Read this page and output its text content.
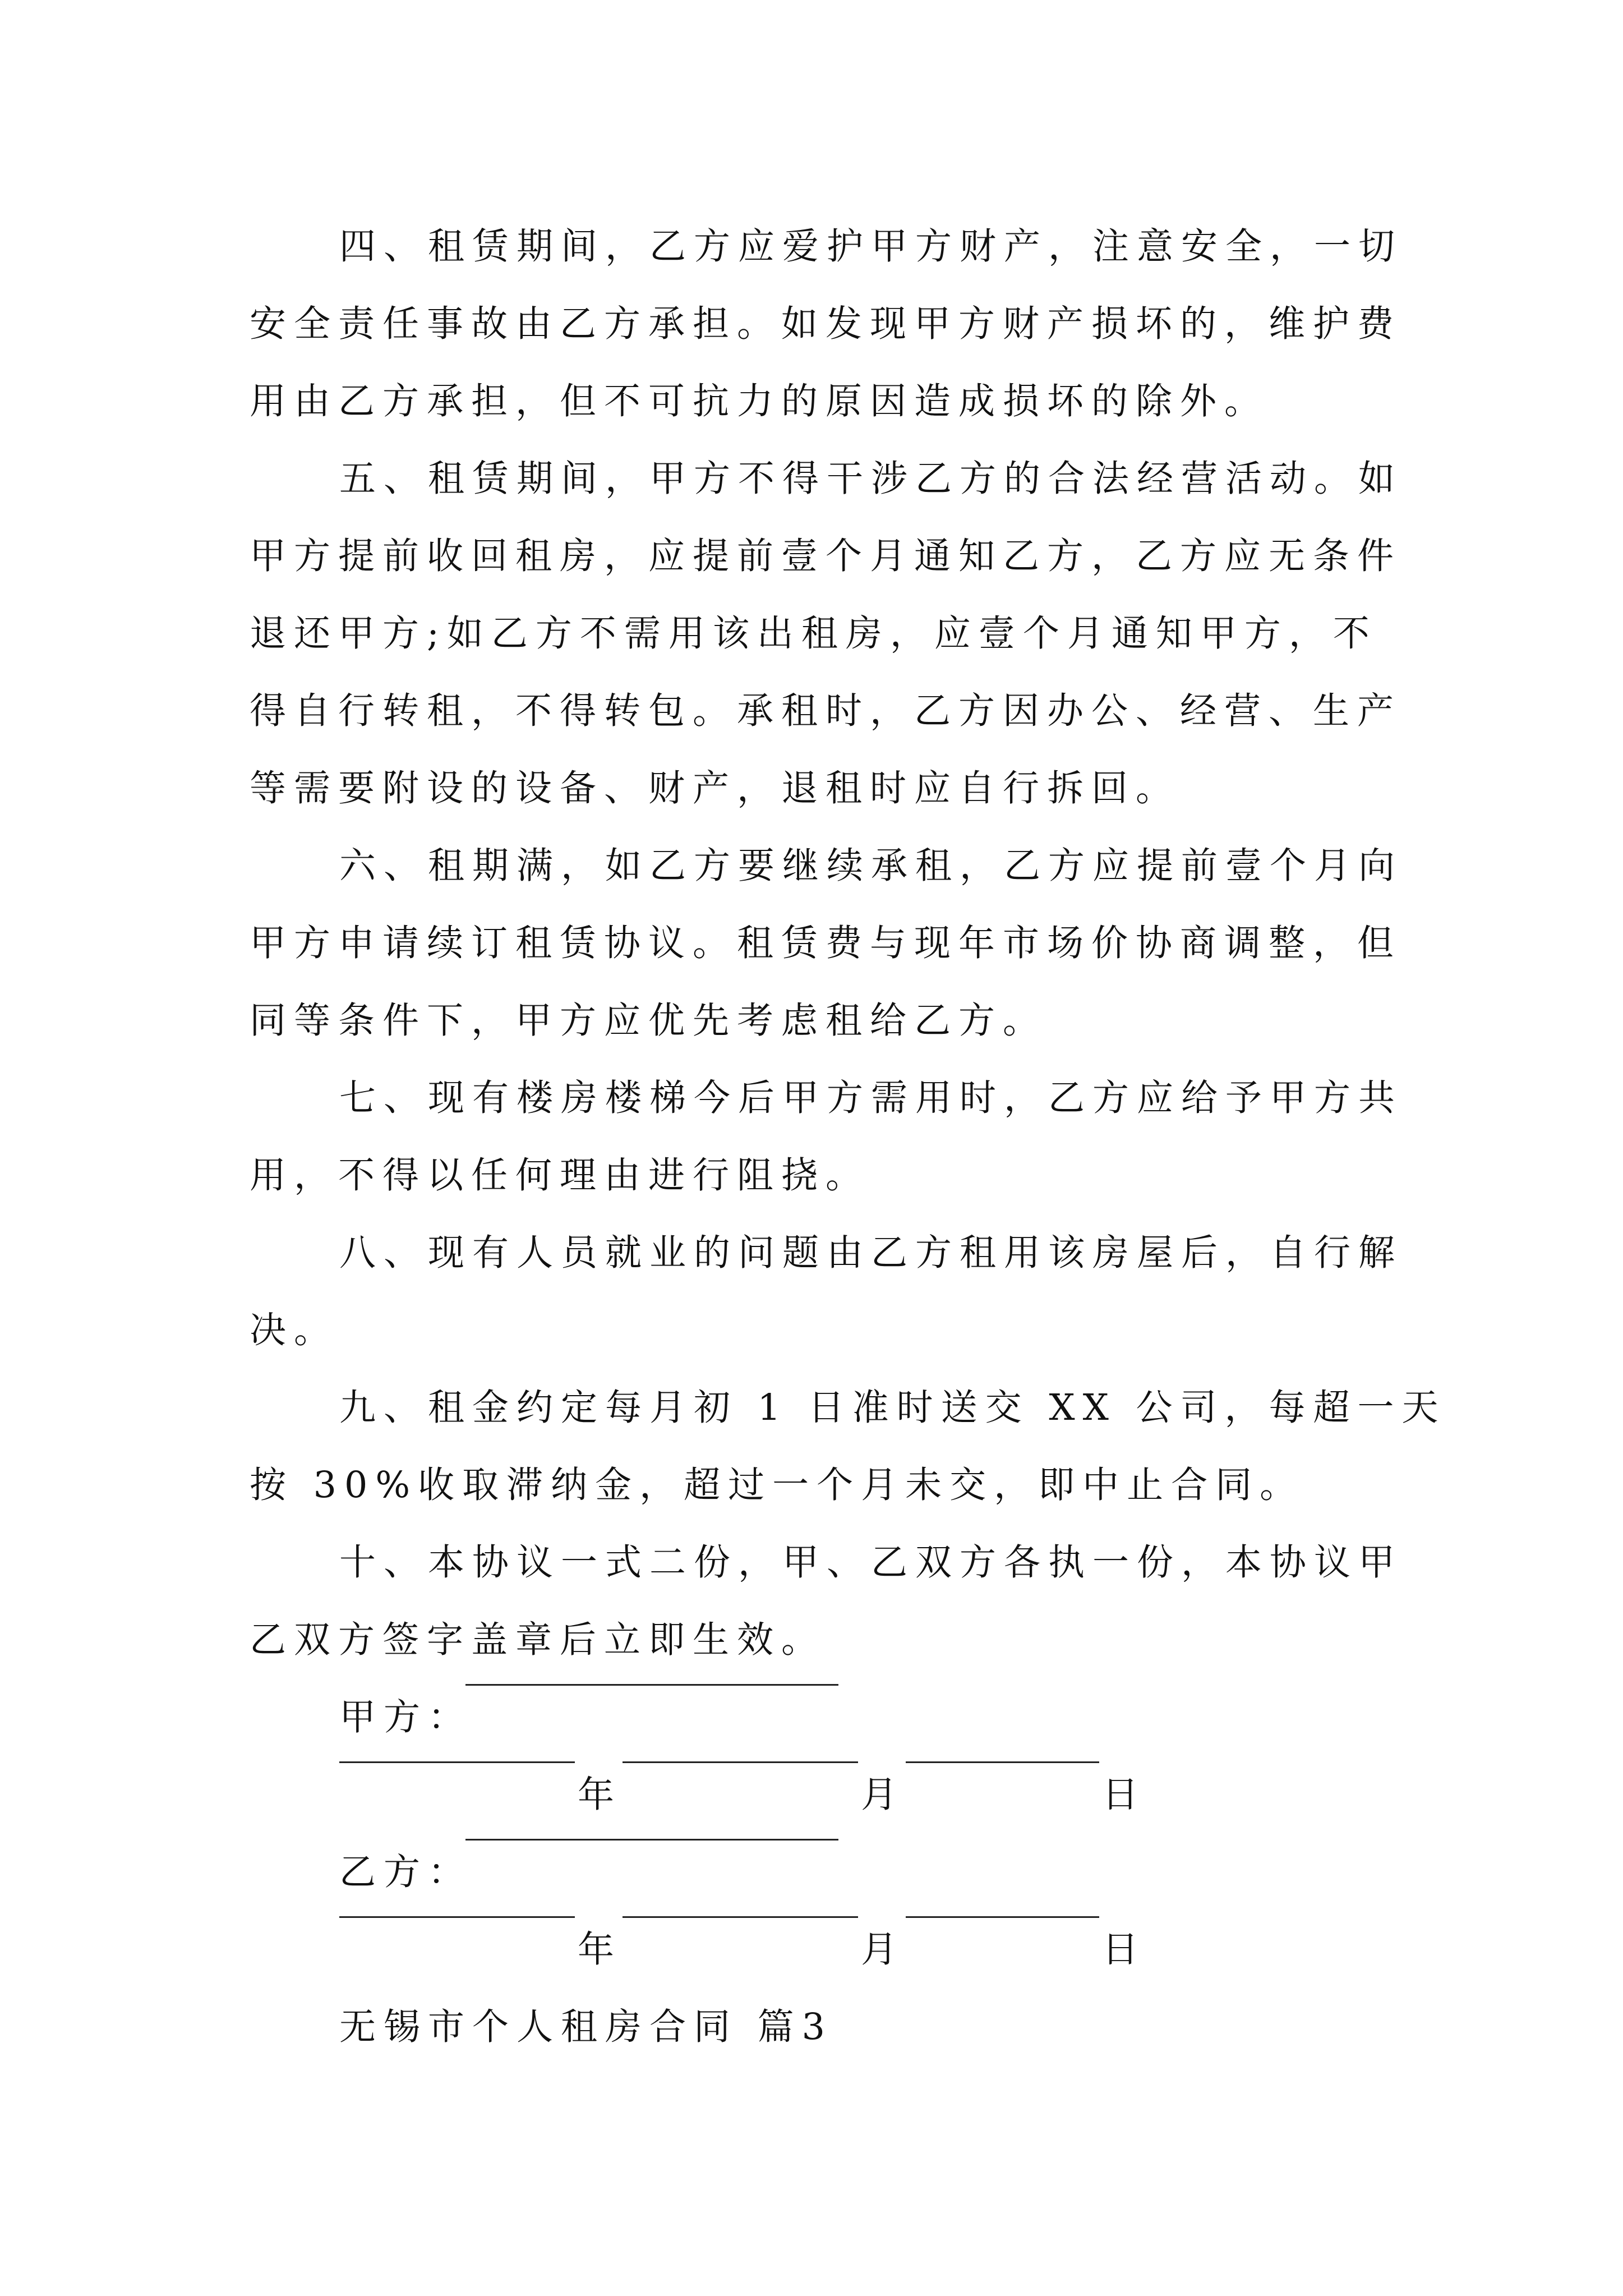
四、租赁期间，乙方应爱护甲方财产，注意安全，一切
安全责任事故由乙方承担。如发现甲方财产损坏的，维护费
用由乙方承担，但不可抗力的原因造成损坏的除外。
五、租赁期间，甲方不得干涉乙方的合法经营活动。如
甲方提前收回租房，应提前壹个月通知乙方，乙方应无条件
退还甲方;如乙方不需用该出租房，应壹个月通知甲方，不
得自行转租，不得转包。承租时，乙方因办公、经营、生产
等需要附设的设备、财产，退租时应自行拆回。
六、租期满，如乙方要继续承租，乙方应提前壹个月向
甲方申请续订租赁协议。租赁费与现年市场价协商调整，但
同等条件下，甲方应优先考虑租给乙方。
七、现有楼房楼梯今后甲方需用时，乙方应给予甲方共
用，不得以任何理由进行阻挠。
八、现有人员就业的问题由乙方租用该房屋后，自行解
决。
九、租金约定每月初 1 日准时送交 XX 公司，每超一天
按 30%收取滞纳金，超过一个月未交，即中止合同。
十、本协议一式二份，甲、乙双方各执一份，本协议甲
乙双方签字盖章后立即生效。
甲方：
年	月	日
乙方：
年	月	日
无锡市个人租房合同 篇3
